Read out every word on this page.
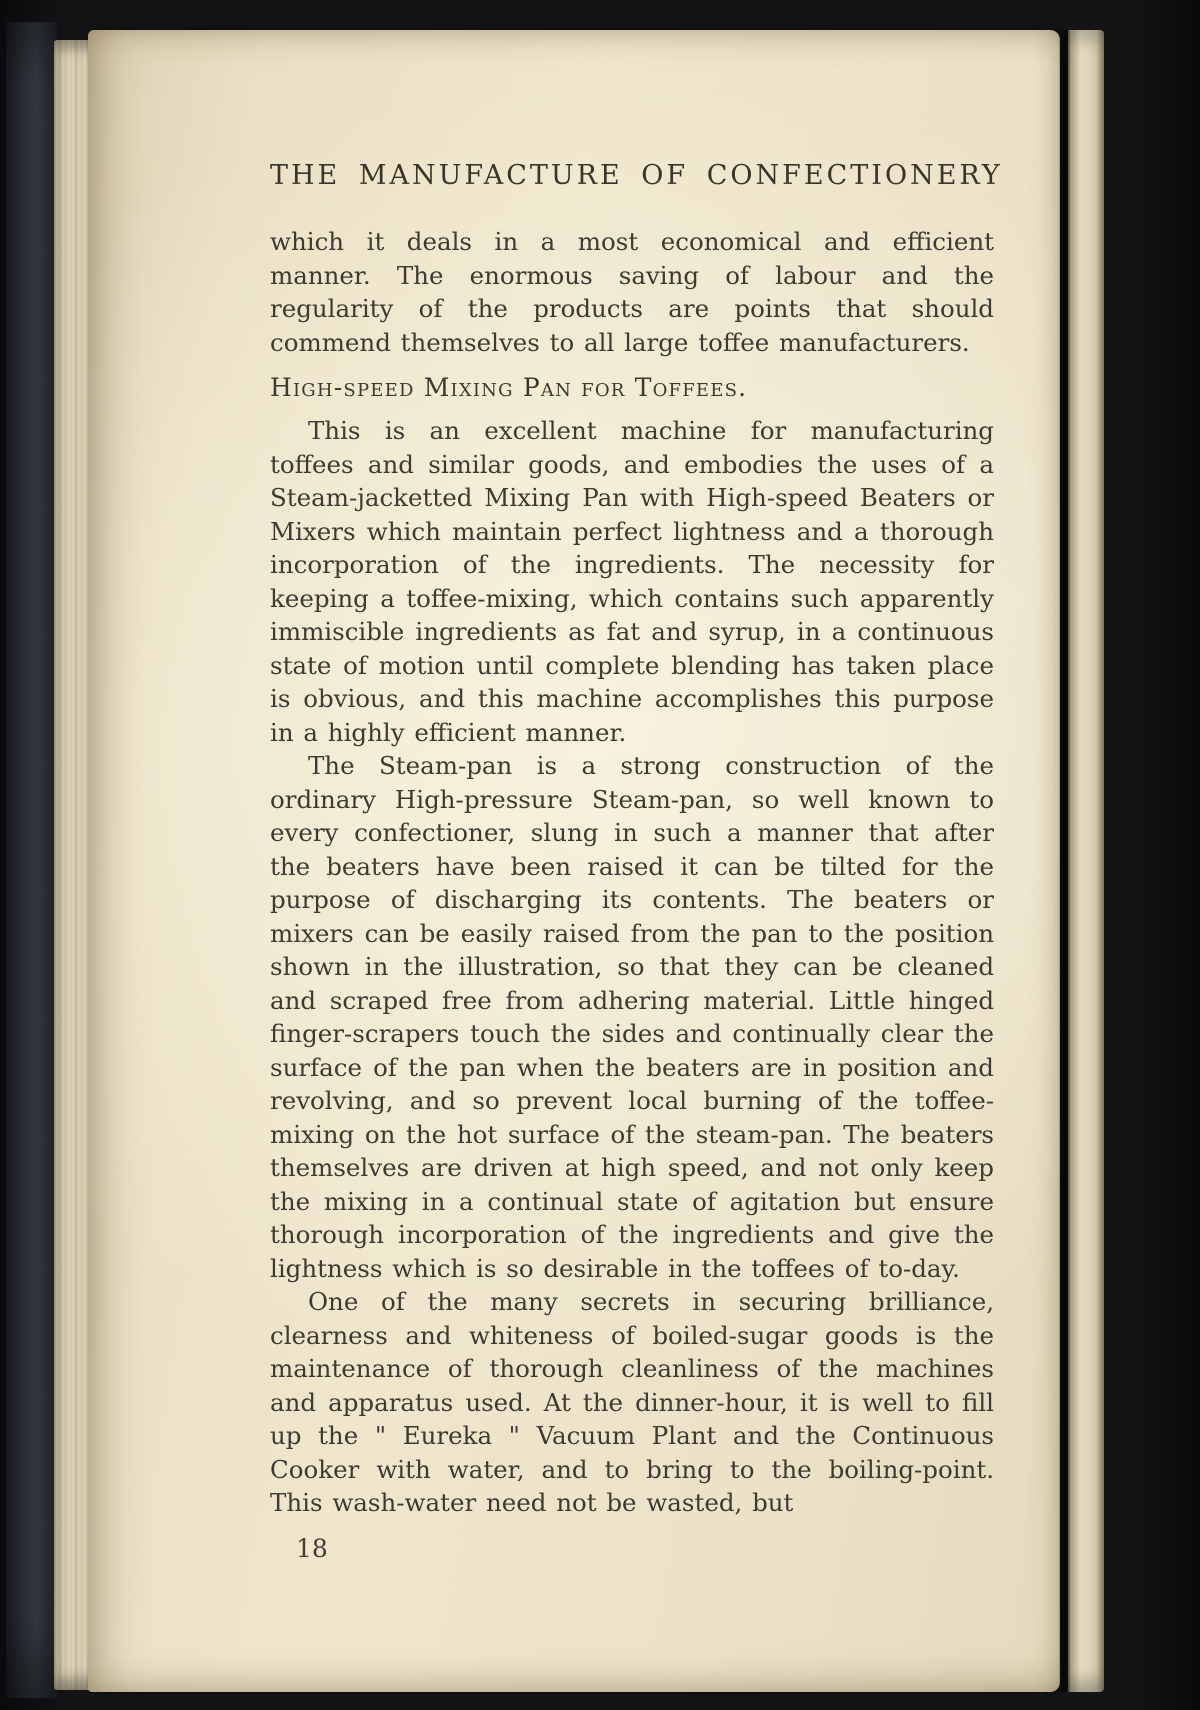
THE MANUFACTURE OF CONFECTIONERY

which it deals in a most economical and efficient manner. The enormous saving of labour and the regularity of the products are points that should commend themselves to all large toffee manufacturers.

High-speed Mixing Pan for Toffees.

This is an excellent machine for manufacturing toffees and similar goods, and embodies the uses of a Steam-jacketted Mixing Pan with High-speed Beaters or Mixers which maintain perfect lightness and a thorough incorporation of the ingredients. The necessity for keeping a toffee-mixing, which contains such apparently immiscible ingredients as fat and syrup, in a continuous state of motion until complete blending has taken place is obvious, and this machine accomplishes this purpose in a highly efficient manner.

The Steam-pan is a strong construction of the ordinary High-pressure Steam-pan, so well known to every confectioner, slung in such a manner that after the beaters have been raised it can be tilted for the purpose of discharging its contents. The beaters or mixers can be easily raised from the pan to the position shown in the illustration, so that they can be cleaned and scraped free from adhering material. Little hinged finger-scrapers touch the sides and continually clear the surface of the pan when the beaters are in position and revolving, and so prevent local burning of the toffee-mixing on the hot surface of the steam-pan. The beaters themselves are driven at high speed, and not only keep the mixing in a continual state of agitation but ensure thorough incorporation of the ingredients and give the lightness which is so desirable in the toffees of to-day.

One of the many secrets in securing brilliance, clearness and whiteness of boiled-sugar goods is the maintenance of thorough cleanliness of the machines and apparatus used. At the dinner-hour, it is well to fill up the " Eureka " Vacuum Plant and the Continuous Cooker with water, and to bring to the boiling-point. This wash-water need not be wasted, but

18
